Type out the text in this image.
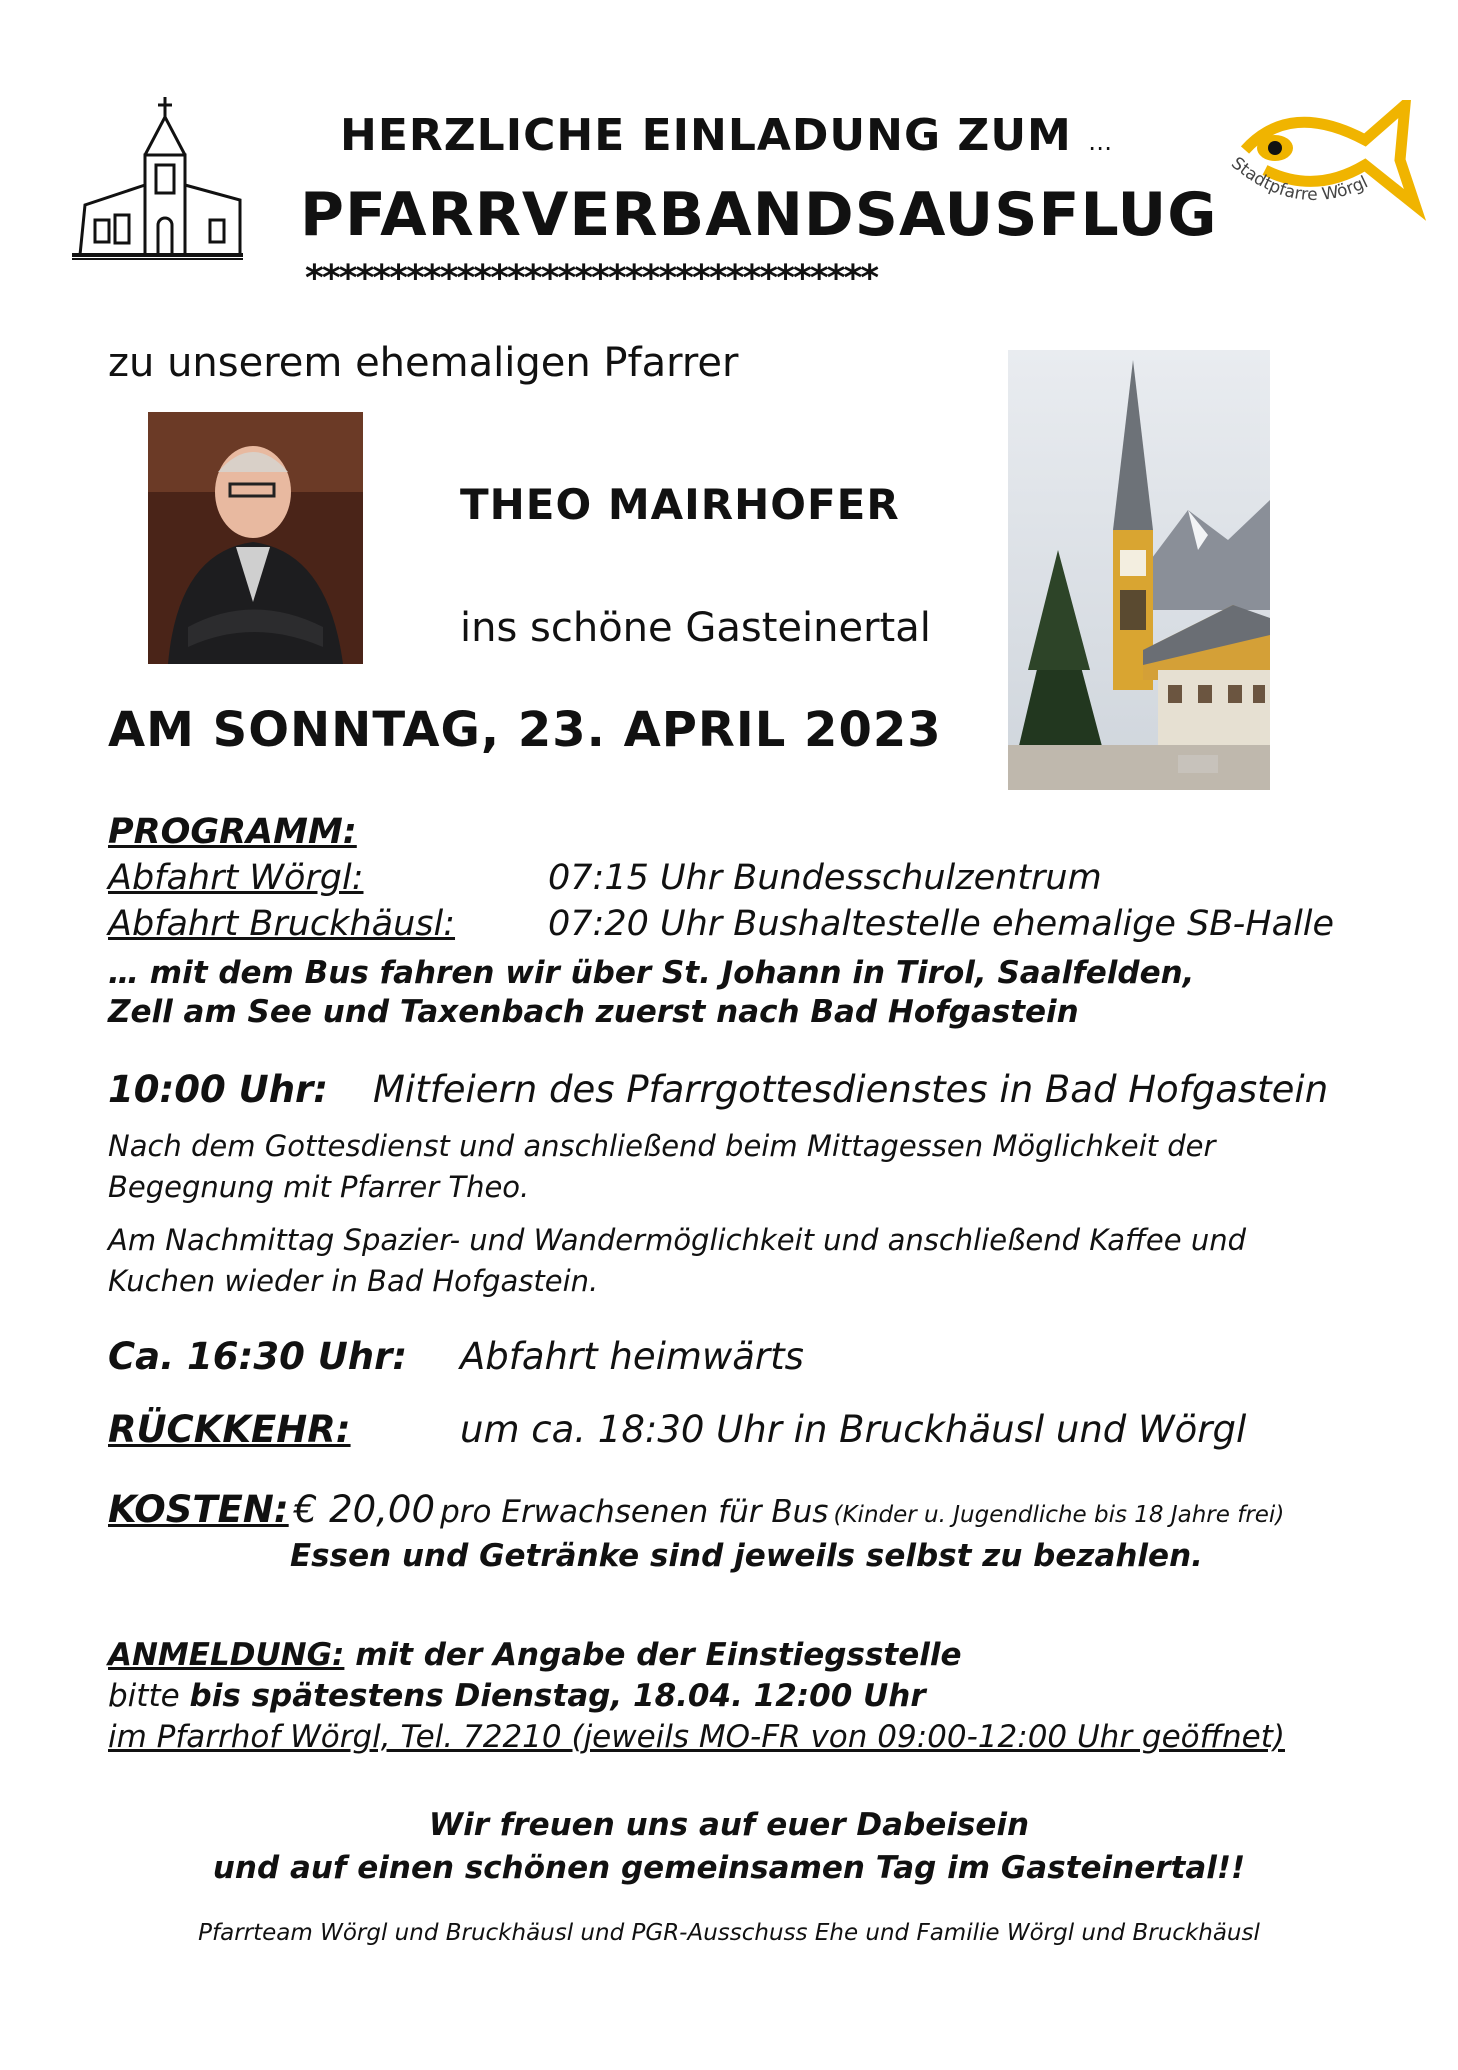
Stadtpfarre Wörgl
HERZLICHE EINLADUNG ZUM …
PFARRVERBANDSAUSFLUG
**********************************
zu unserem ehemaligen Pfarrer
THEO MAIRHOFER
ins schöne Gasteinertal
AM SONNTAG, 23. APRIL 2023
PROGRAMM:
Abfahrt Wörgl:	07:15 Uhr Bundesschulzentrum
Abfahrt Bruckhäusl:	07:20 Uhr Bushaltestelle ehemalige SB-Halle
… mit dem Bus fahren wir über St. Johann in Tirol, Saalfelden,
Zell am See und Taxenbach zuerst nach Bad Hofgastein
10:00 Uhr: Mitfeiern des Pfarrgottesdienstes in Bad Hofgastein
Nach dem Gottesdienst und anschließend beim Mittagessen Möglichkeit der
Begegnung mit Pfarrer Theo.
Am Nachmittag Spazier- und Wandermöglichkeit und anschließend Kaffee und
Kuchen wieder in Bad Hofgastein.
Ca. 16:30 Uhr: Abfahrt heimwärts
RÜCKKEHR:	um ca. 18:30 Uhr in Bruckhäusl und Wörgl
KOSTEN: € 20,00 pro Erwachsenen für Bus (Kinder u. Jugendliche bis 18 Jahre frei)
Essen und Getränke sind jeweils selbst zu bezahlen.
ANMELDUNG: mit der Angabe der Einstiegsstelle
bitte bis spätestens Dienstag, 18.04. 12:00 Uhr
im Pfarrhof Wörgl, Tel. 72210 (jeweils MO-FR von 09:00-12:00 Uhr geöffnet)
Wir freuen uns auf euer Dabeisein
und auf einen schönen gemeinsamen Tag im Gasteinertal!!
Pfarrteam Wörgl und Bruckhäusl und PGR-Ausschuss Ehe und Familie Wörgl und Bruckhäusl
